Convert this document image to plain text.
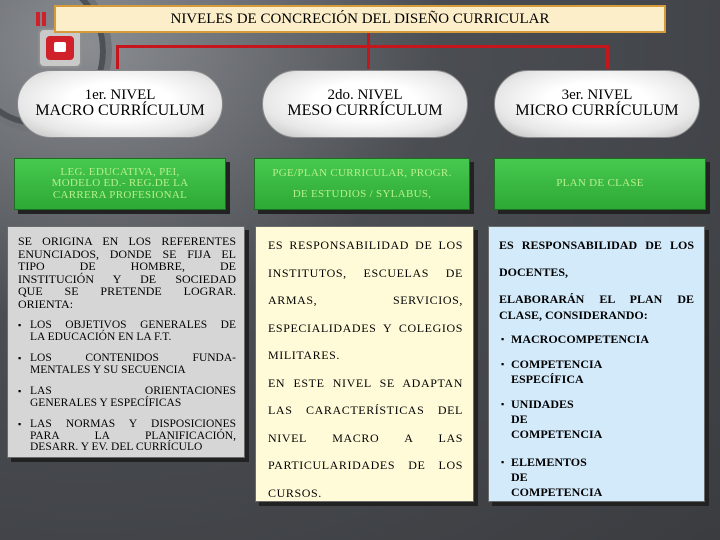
NIVELES DE CONCRECIÓN DEL DISEÑO CURRICULAR
1er. NIVEL
MACRO CURRÍCULUM
2do. NIVEL
MESO CURRÍCULUM
3er. NIVEL
MICRO CURRÍCULUM
LEG. EDUCATIVA, PEI,
MODELO ED.- REG.DE LA
CARRERA PROFESIONAL
PGE/PLAN CURRICULAR, PROGR.
DE ESTUDIOS / SYLABUS,
PLAN DE CLASE
SE ORIGINA EN LOS REFERENTES
ENUNCIADOS, DONDE SE FIJA EL
TIPO DE HOMBRE, DE
INSTITUCIÓN Y DE SOCIEDAD
QUE SE PRETENDE LOGRAR.
ORIENTA:
▪ LOS OBJETIVOS GENERALES DE
LA EDUCACIÓN EN LA F.T.
▪ LOS CONTENIDOS FUNDA-
MENTALES Y SU SECUENCIA
▪ LAS ORIENTACIONES
GENERALES Y ESPECÍFICAS
▪ LAS NORMAS Y DISPOSICIONES
PARA LA PLANIFICACIÓN,
DESARR. Y EV. DEL CURRÍCULO
ES RESPONSABILIDAD DE LOS
INSTITUTOS, ESCUELAS DE
ARMAS, SERVICIOS,
ESPECIALIDADES Y COLEGIOS
MILITARES.
EN ESTE NIVEL SE ADAPTAN
LAS CARACTERÍSTICAS DEL
NIVEL MACRO A LAS
PARTICULARIDADES DE LOS
CURSOS.
ES RESPONSABILIDAD DE LOS
DOCENTES,
ELABORARÁN EL PLAN DE
CLASE, CONSIDERANDO:
▪ MACROCOMPETENCIA
▪ COMPETENCIA
ESPECÍFICA
▪ UNIDADES
DE
COMPETENCIA
▪ ELEMENTOS
DE
COMPETENCIA
